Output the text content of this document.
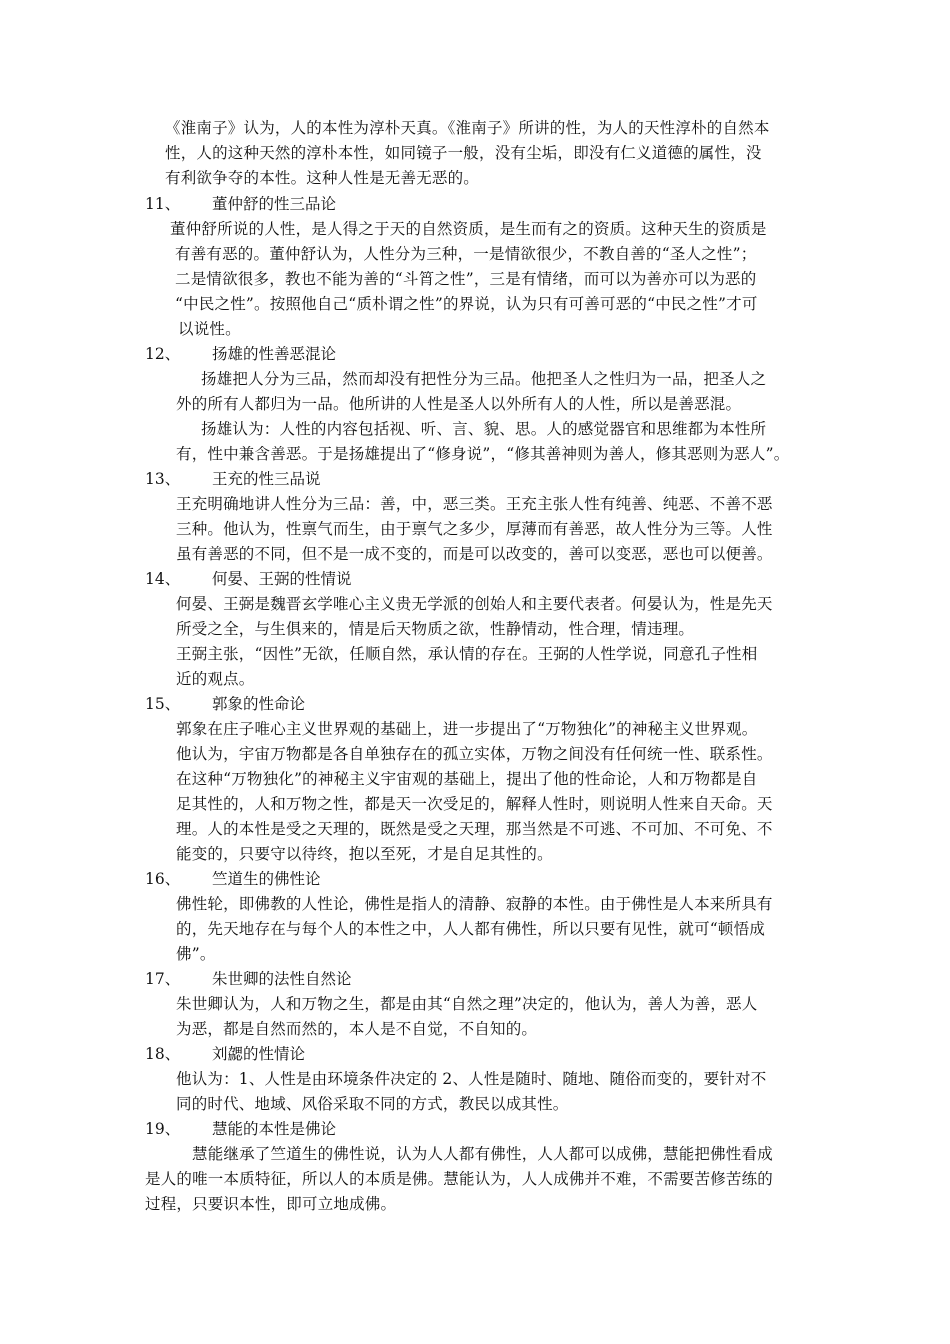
《淮南子》认为，人的本性为淳朴天真。《淮南子》所讲的性，为人的天性淳朴的自然本
性，人的这种天然的淳朴本性，如同镜子一般，没有尘垢，即没有仁义道德的属性，没
有利欲争夺的本性。这种人性是无善无恶的。
11、 董仲舒的性三品论
董仲舒所说的人性，是人得之于天的自然资质，是生而有之的资质。这种天生的资质是
有善有恶的。董仲舒认为，人性分为三种，一是情欲很少，不教自善的“圣人之性”；
二是情欲很多，教也不能为善的“斗筲之性”，三是有情绪，而可以为善亦可以为恶的
“中民之性”。按照他自己“质朴谓之性”的界说，认为只有可善可恶的“中民之性”才可
以说性。
12、 扬雄的性善恶混论
扬雄把人分为三品，然而却没有把性分为三品。他把圣人之性归为一品，把圣人之
外的所有人都归为一品。他所讲的人性是圣人以外所有人的人性，所以是善恶混。
扬雄认为：人性的内容包括视、听、言、貌、思。人的感觉器官和思维都为本性所
有，性中兼含善恶。于是扬雄提出了“修身说”，“修其善神则为善人，修其恶则为恶人”。
13、 王充的性三品说
王充明确地讲人性分为三品：善，中，恶三类。王充主张人性有纯善、纯恶、不善不恶
三种。他认为，性禀气而生，由于禀气之多少，厚薄而有善恶，故人性分为三等。人性
虽有善恶的不同，但不是一成不变的，而是可以改变的，善可以变恶，恶也可以便善。
14、 何晏、王弼的性情说
何晏、王弼是魏晋玄学唯心主义贵无学派的创始人和主要代表者。何晏认为，性是先天
所受之全，与生俱来的，情是后天物质之欲，性静情动，性合理，情违理。
王弼主张，“因性”无欲，任顺自然，承认情的存在。王弼的人性学说，同意孔子性相
近的观点。
15、 郭象的性命论
郭象在庄子唯心主义世界观的基础上，进一步提出了“万物独化”的神秘主义世界观。
他认为，宇宙万物都是各自单独存在的孤立实体，万物之间没有任何统一性、联系性。
在这种“万物独化”的神秘主义宇宙观的基础上，提出了他的性命论，人和万物都是自
足其性的，人和万物之性，都是天一次受足的，解释人性时，则说明人性来自天命。天
理。人的本性是受之天理的，既然是受之天理，那当然是不可逃、不可加、不可免、不
能变的，只要守以待终，抱以至死，才是自足其性的。
16、 竺道生的佛性论
佛性轮，即佛教的人性论，佛性是指人的清静、寂静的本性。由于佛性是人本来所具有
的，先天地存在与每个人的本性之中，人人都有佛性，所以只要有见性，就可“顿悟成
佛”。
17、 朱世卿的法性自然论
朱世卿认为，人和万物之生，都是由其“自然之理”决定的，他认为，善人为善，恶人
为恶，都是自然而然的，本人是不自觉，不自知的。
18、 刘勰的性情论
他认为：1、人性是由环境条件决定的 2、人性是随时、随地、随俗而变的，要针对不
同的时代、地域、风俗采取不同的方式，教民以成其性。
19、 慧能的本性是佛论
慧能继承了竺道生的佛性说，认为人人都有佛性，人人都可以成佛，慧能把佛性看成
是人的唯一本质特征，所以人的本质是佛。慧能认为，人人成佛并不难，不需要苦修苦练的
过程，只要识本性，即可立地成佛。
